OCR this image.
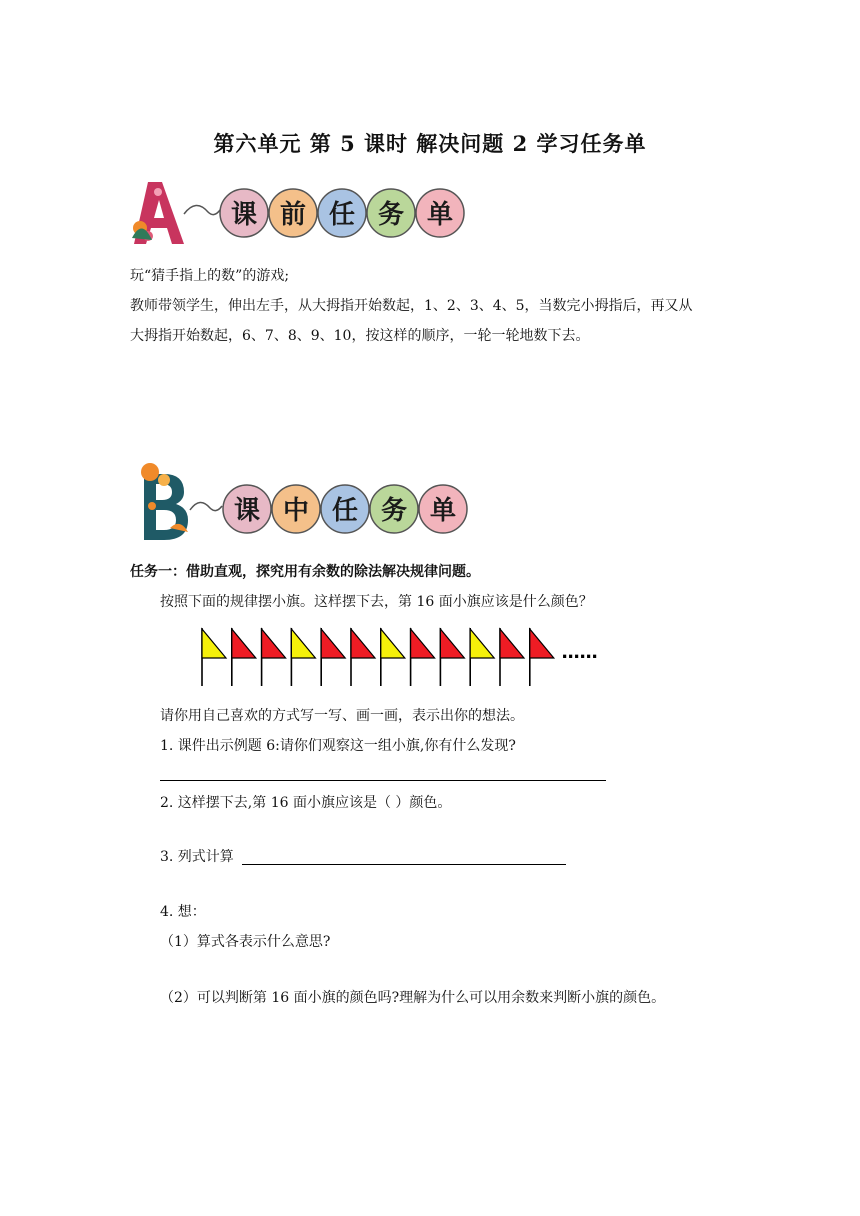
第六单元 第 5 课时 解决问题 2 学习任务单
课 前 任 务 单
玩“猜手指上的数”的游戏;
教师带领学生，伸出左手，从大拇指开始数起，1、2、3、4、5，当数完小拇指后，再又从
大拇指开始数起，6、7、8、9、10，按这样的顺序，一轮一轮地数下去。
课 中 任 务 单
任务一：借助直观，探究用有余数的除法解决规律问题。
按照下面的规律摆小旗。这样摆下去，第 16 面小旗应该是什么颜色？
……
请你用自己喜欢的方式写一写、画一画，表示出你的想法。
1. 课件出示例题 6:请你们观察这一组小旗,你有什么发现?
2. 这样摆下去,第 16 面小旗应该是（ ）颜色。
3. 列式计算
4. 想：
（1）算式各表示什么意思?
（2）可以判断第 16 面小旗的颜色吗?理解为什么可以用余数来判断小旗的颜色。
